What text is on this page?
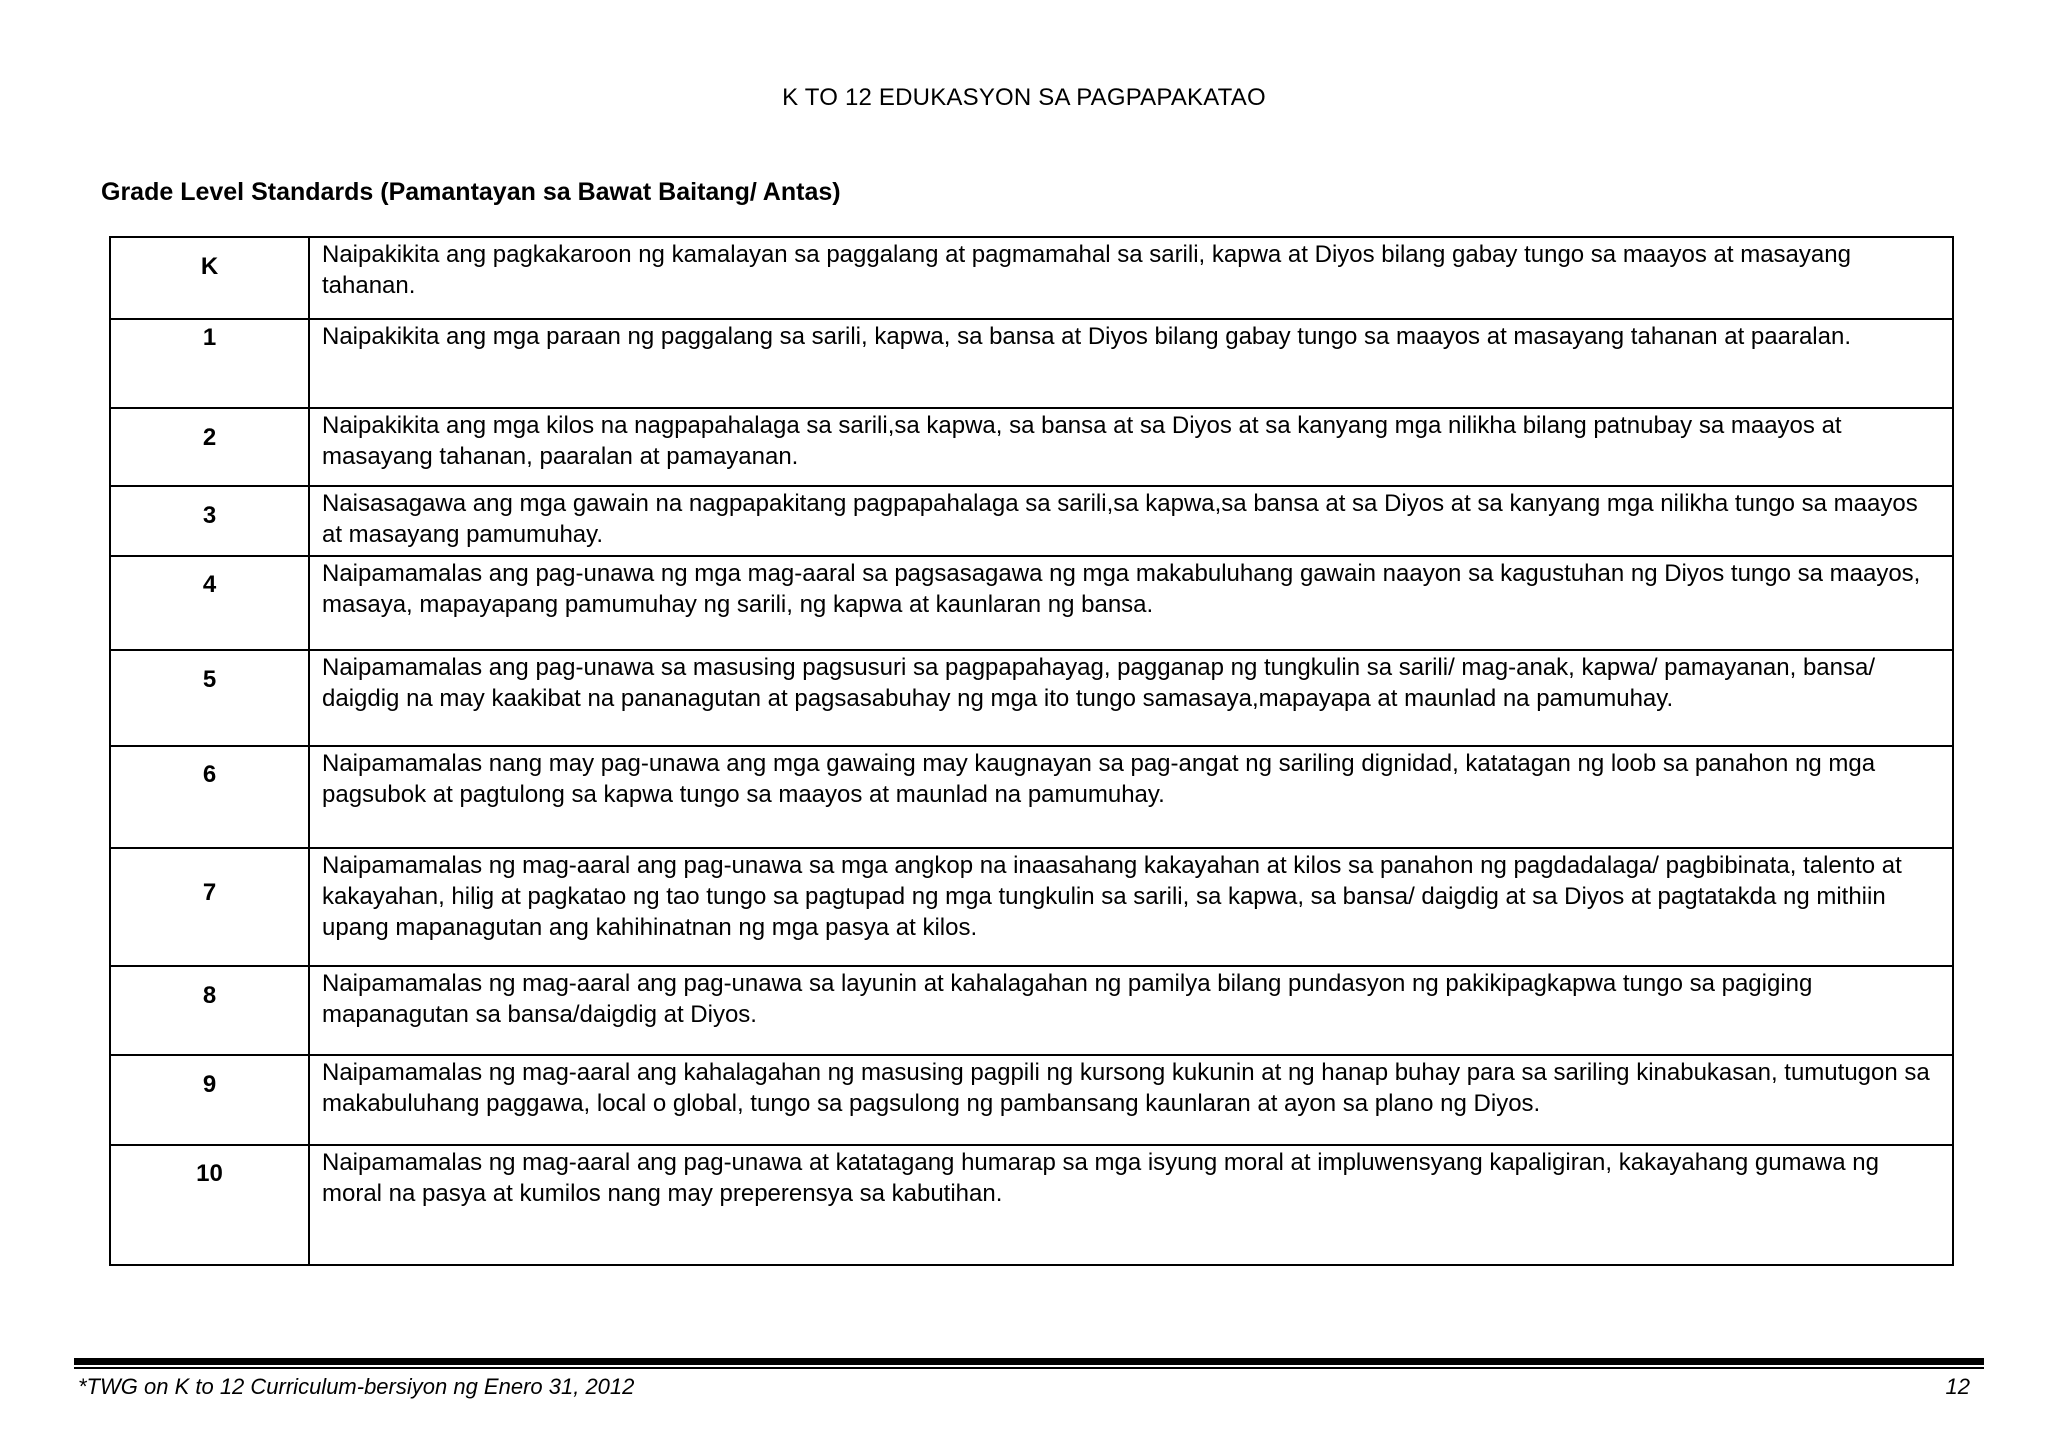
K TO 12 EDUKASYON SA PAGPAPAKATAO
Grade Level Standards (Pamantayan sa Bawat Baitang/ Antas)
K	Naipakikita ang pagkakaroon ng kamalayan sa paggalang at pagmamahal sa sarili, kapwa at Diyos bilang gabay tungo sa maayos at masayang tahanan.

1	Naipakikita ang mga paraan ng paggalang sa sarili, kapwa, sa bansa at Diyos bilang gabay tungo sa maayos at masayang tahanan at paaralan.

2	Naipakikita ang mga kilos na nagpapahalaga sa sarili,sa kapwa, sa bansa at sa Diyos at sa kanyang mga nilikha bilang patnubay sa maayos at masayang tahanan, paaralan at pamayanan.

3	Naisasagawa ang mga gawain na nagpapakitang pagpapahalaga sa sarili,sa kapwa,sa bansa at sa Diyos at sa kanyang mga nilikha tungo sa maayos at masayang pamumuhay.

4	Naipamamalas ang pag-unawa ng mga mag-aaral sa pagsasagawa ng mga makabuluhang gawain naayon sa kagustuhan ng Diyos tungo sa maayos, masaya, mapayapang pamumuhay ng sarili, ng kapwa at kaunlaran ng bansa.

5	Naipamamalas ang pag-unawa sa masusing pagsusuri sa pagpapahayag, pagganap ng tungkulin sa sarili/ mag-anak, kapwa/ pamayanan, bansa/ daigdig na may kaakibat na pananagutan at pagsasabuhay ng mga ito tungo samasaya,mapayapa at maunlad na pamumuhay.

6	Naipamamalas nang may pag-unawa ang mga gawaing may kaugnayan sa pag-angat ng sariling dignidad, katatagan ng loob sa panahon ng mga pagsubok at pagtulong sa kapwa tungo sa maayos at maunlad na pamumuhay.

7	Naipamamalas ng mag-aaral ang pag-unawa sa mga angkop na inaasahang kakayahan at kilos sa panahon ng pagdadalaga/ pagbibinata, talento at kakayahan, hilig at pagkatao ng tao tungo sa pagtupad ng mga tungkulin sa sarili, sa kapwa, sa bansa/ daigdig at sa Diyos at pagtatakda ng mithiin upang mapanagutan ang kahihinatnan ng mga pasya at kilos.

8	Naipamamalas ng mag-aaral ang pag-unawa sa layunin at kahalagahan ng pamilya bilang pundasyon ng pakikipagkapwa tungo sa pagiging mapanagutan sa bansa/daigdig at Diyos.

9	Naipamamalas ng mag-aaral ang kahalagahan ng masusing pagpili ng kursong kukunin at ng hanap buhay para sa sariling kinabukasan, tumutugon sa makabuluhang paggawa, local o global, tungo sa pagsulong ng pambansang kaunlaran at ayon sa plano ng Diyos.

10	Naipamamalas ng mag-aaral ang pag-unawa at katatagang humarap sa mga isyung moral at impluwensyang kapaligiran, kakayahang gumawa ng moral na pasya at kumilos nang may preperensya sa kabutihan.
*TWG on K to 12 Curriculum-bersiyon ng Enero 31, 2012	12
